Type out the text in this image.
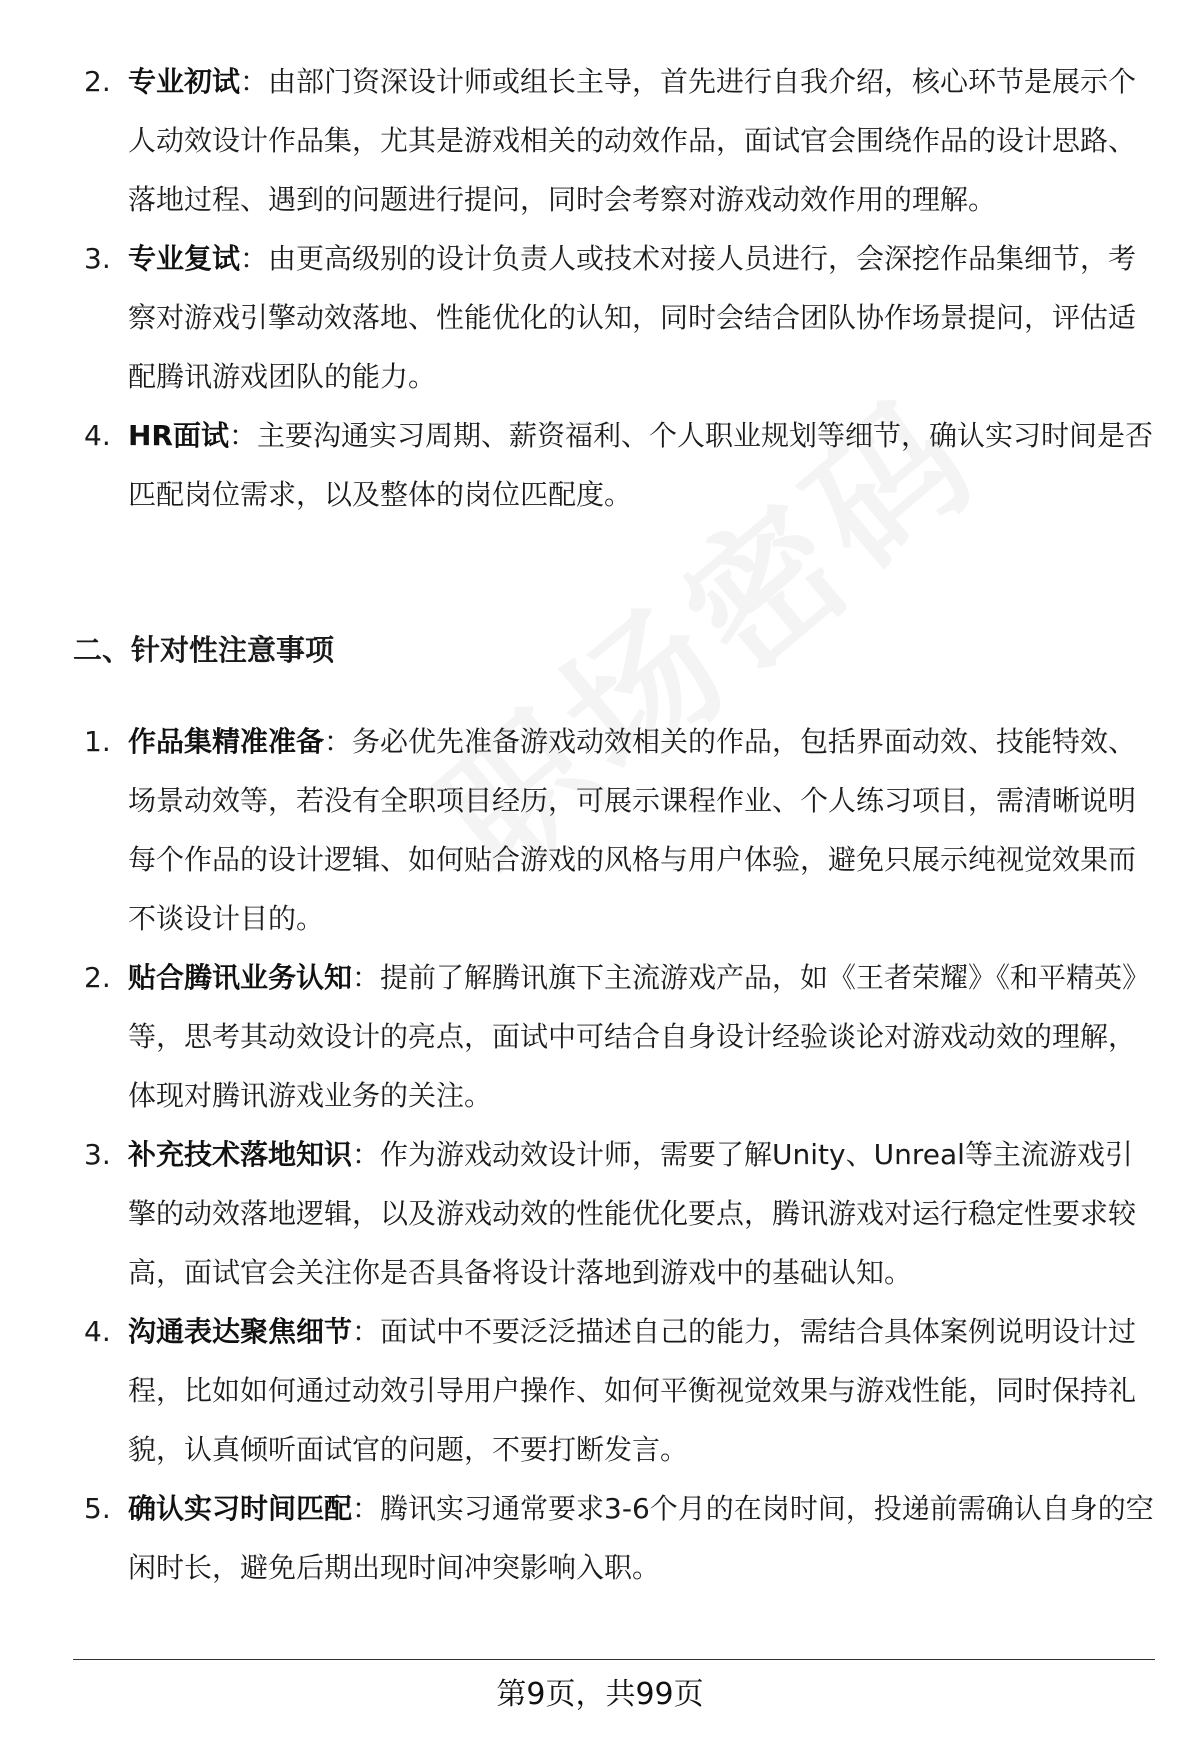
2. 专业初试：由部门资深设计师或组长主导，首先进行自我介绍，核心环节是展示个人动效设计作品集，尤其是游戏相关的动效作品，面试官会围绕作品的设计思路、落地过程、遇到的问题进行提问，同时会考察对游戏动效作用的理解。
3. 专业复试：由更高级别的设计负责人或技术对接人员进行，会深挖作品集细节，考察对游戏引擎动效落地、性能优化的认知，同时会结合团队协作场景提问，评估适配腾讯游戏团队的能力。
4. HR面试：主要沟通实习周期、薪资福利、个人职业规划等细节，确认实习时间是否匹配岗位需求，以及整体的岗位匹配度。
二、针对性注意事项
1. 作品集精准准备：务必优先准备游戏动效相关的作品，包括界面动效、技能特效、场景动效等，若没有全职项目经历，可展示课程作业、个人练习项目，需清晰说明每个作品的设计逻辑、如何贴合游戏的风格与用户体验，避免只展示纯视觉效果而不谈设计目的。
2. 贴合腾讯业务认知：提前了解腾讯旗下主流游戏产品，如《王者荣耀》《和平精英》等，思考其动效设计的亮点，面试中可结合自身设计经验谈论对游戏动效的理解，体现对腾讯游戏业务的关注。
3. 补充技术落地知识：作为游戏动效设计师，需要了解Unity、Unreal等主流游戏引擎的动效落地逻辑，以及游戏动效的性能优化要点，腾讯游戏对运行稳定性要求较高，面试官会关注你是否具备将设计落地到游戏中的基础认知。
4. 沟通表达聚焦细节：面试中不要泛泛描述自己的能力，需结合具体案例说明设计过程，比如如何通过动效引导用户操作、如何平衡视觉效果与游戏性能，同时保持礼貌，认真倾听面试官的问题，不要打断发言。
5. 确认实习时间匹配：腾讯实习通常要求3-6个月的在岗时间，投递前需确认自身的空闲时长，避免后期出现时间冲突影响入职。
第9页，共99页
